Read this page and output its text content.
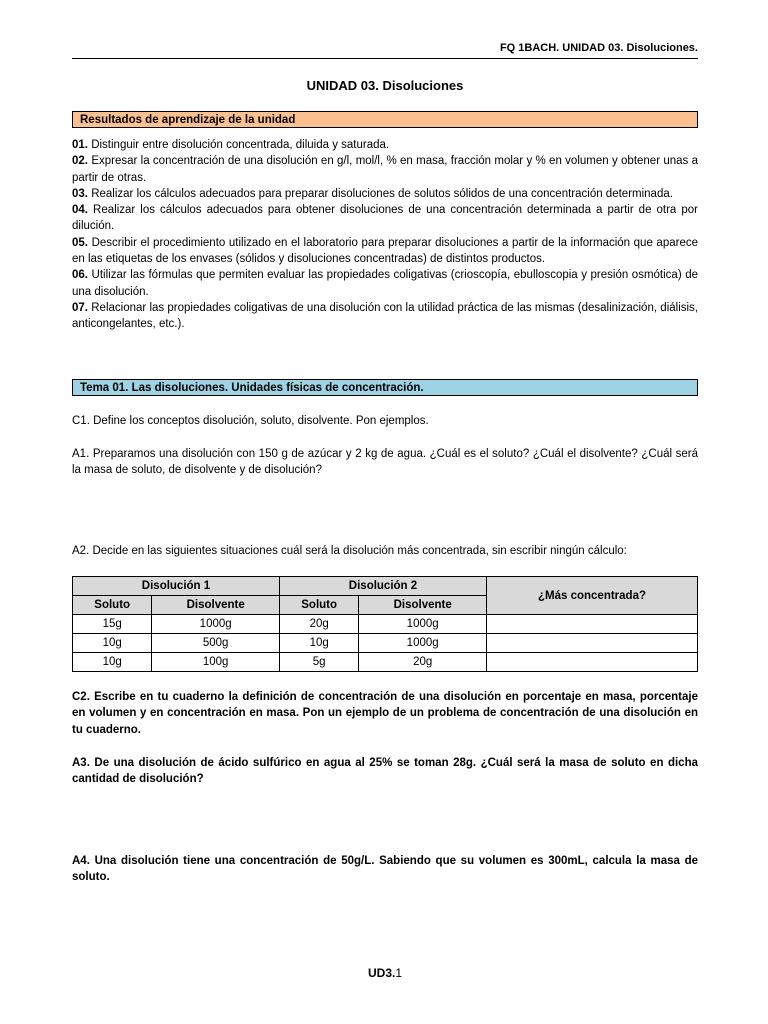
FQ 1BACH. UNIDAD 03. Disoluciones.
UNIDAD 03. Disoluciones
Resultados de aprendizaje de la unidad

01. Distinguir entre disolución concentrada, diluida y saturada.

02. Expresar la concentración de una disolución en g/l, mol/l, % en masa, fracción molar y % en volumen y obtener unas a partir de otras.

03. Realizar los cálculos adecuados para preparar disoluciones de solutos sólidos de una concentración determinada.

04. Realizar los cálculos adecuados para obtener disoluciones de una concentración determinada a partir de otra por dilución.

05. Describir el procedimiento utilizado en el laboratorio para preparar disoluciones a partir de la información que aparece en las etiquetas de los envases (sólidos y disoluciones concentradas) de distintos productos.

06. Utilizar las fórmulas que permiten evaluar las propiedades coligativas (crioscopía, ebulloscopia y presión osmótica) de una disolución.

07. Relacionar las propiedades coligativas de una disolución con la utilidad práctica de las mismas (desalinización, diálisis, anticongelantes, etc.).

Tema 01. Las disoluciones. Unidades físicas de concentración.
C1. Define los conceptos disolución, soluto, disolvente. Pon ejemplos.
A1. Preparamos una disolución con 150 g de azúcar y 2 kg de agua. ¿Cuál es el soluto? ¿Cuál el disolvente? ¿Cuál será la masa de soluto, de disolvente y de disolución?
A2. Decide en las siguientes situaciones cuál será la disolución más concentrada, sin escribir ningún cálculo:
Disolución 1		Disolución 2		¿Más concentrada?
Soluto	Disolvente	Soluto	Disolvente	
15g	1000g	20g	1000g	
10g	500g	10g	1000g	
10g	100g	5g	20g	
C2. Escribe en tu cuaderno la definición de concentración de una disolución en porcentaje en masa, porcentaje en volumen y en concentración en masa. Pon un ejemplo de un problema de concentración de una disolución en tu cuaderno.
A3. De una disolución de ácido sulfúrico en agua al 25% se toman 28g. ¿Cuál será la masa de soluto en dicha cantidad de disolución?
A4. Una disolución tiene una concentración de 50g/L. Sabiendo que su volumen es 300mL, calcula la masa de soluto.
UD3.1
